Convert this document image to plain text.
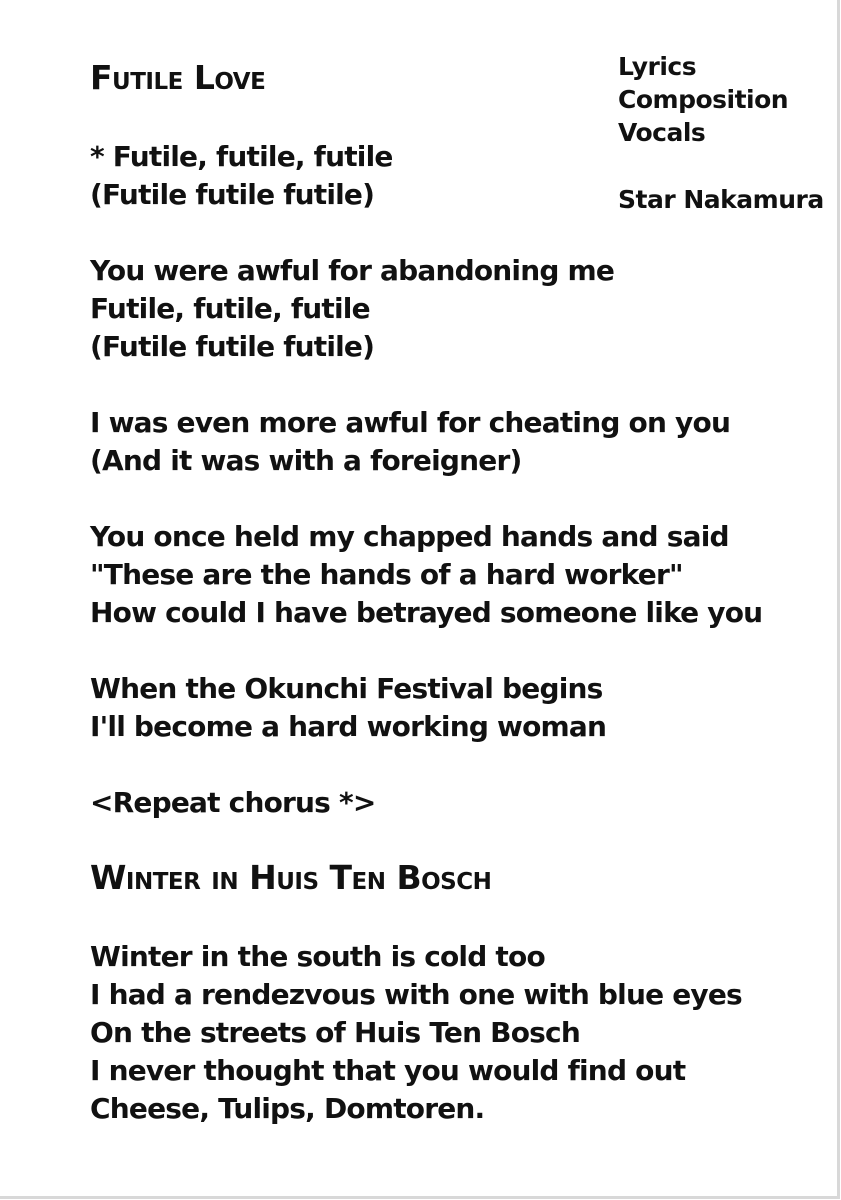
Lyrics
Composition
Vocals
Star Nakamura
Futile Love
* Futile, futile, futile
(Futile futile futile)
You were awful for abandoning me
Futile, futile, futile
(Futile futile futile)
I was even more awful for cheating on you
(And it was with a foreigner)
You once held my chapped hands and said
"These are the hands of a hard worker"
How could I have betrayed someone like you
When the Okunchi Festival begins
I'll become a hard working woman
<Repeat chorus *>
Winter in Huis Ten Bosch
Winter in the south is cold too
I had a rendezvous with one with blue eyes
On the streets of Huis Ten Bosch
I never thought that you would find out
Cheese, Tulips, Domtoren.
